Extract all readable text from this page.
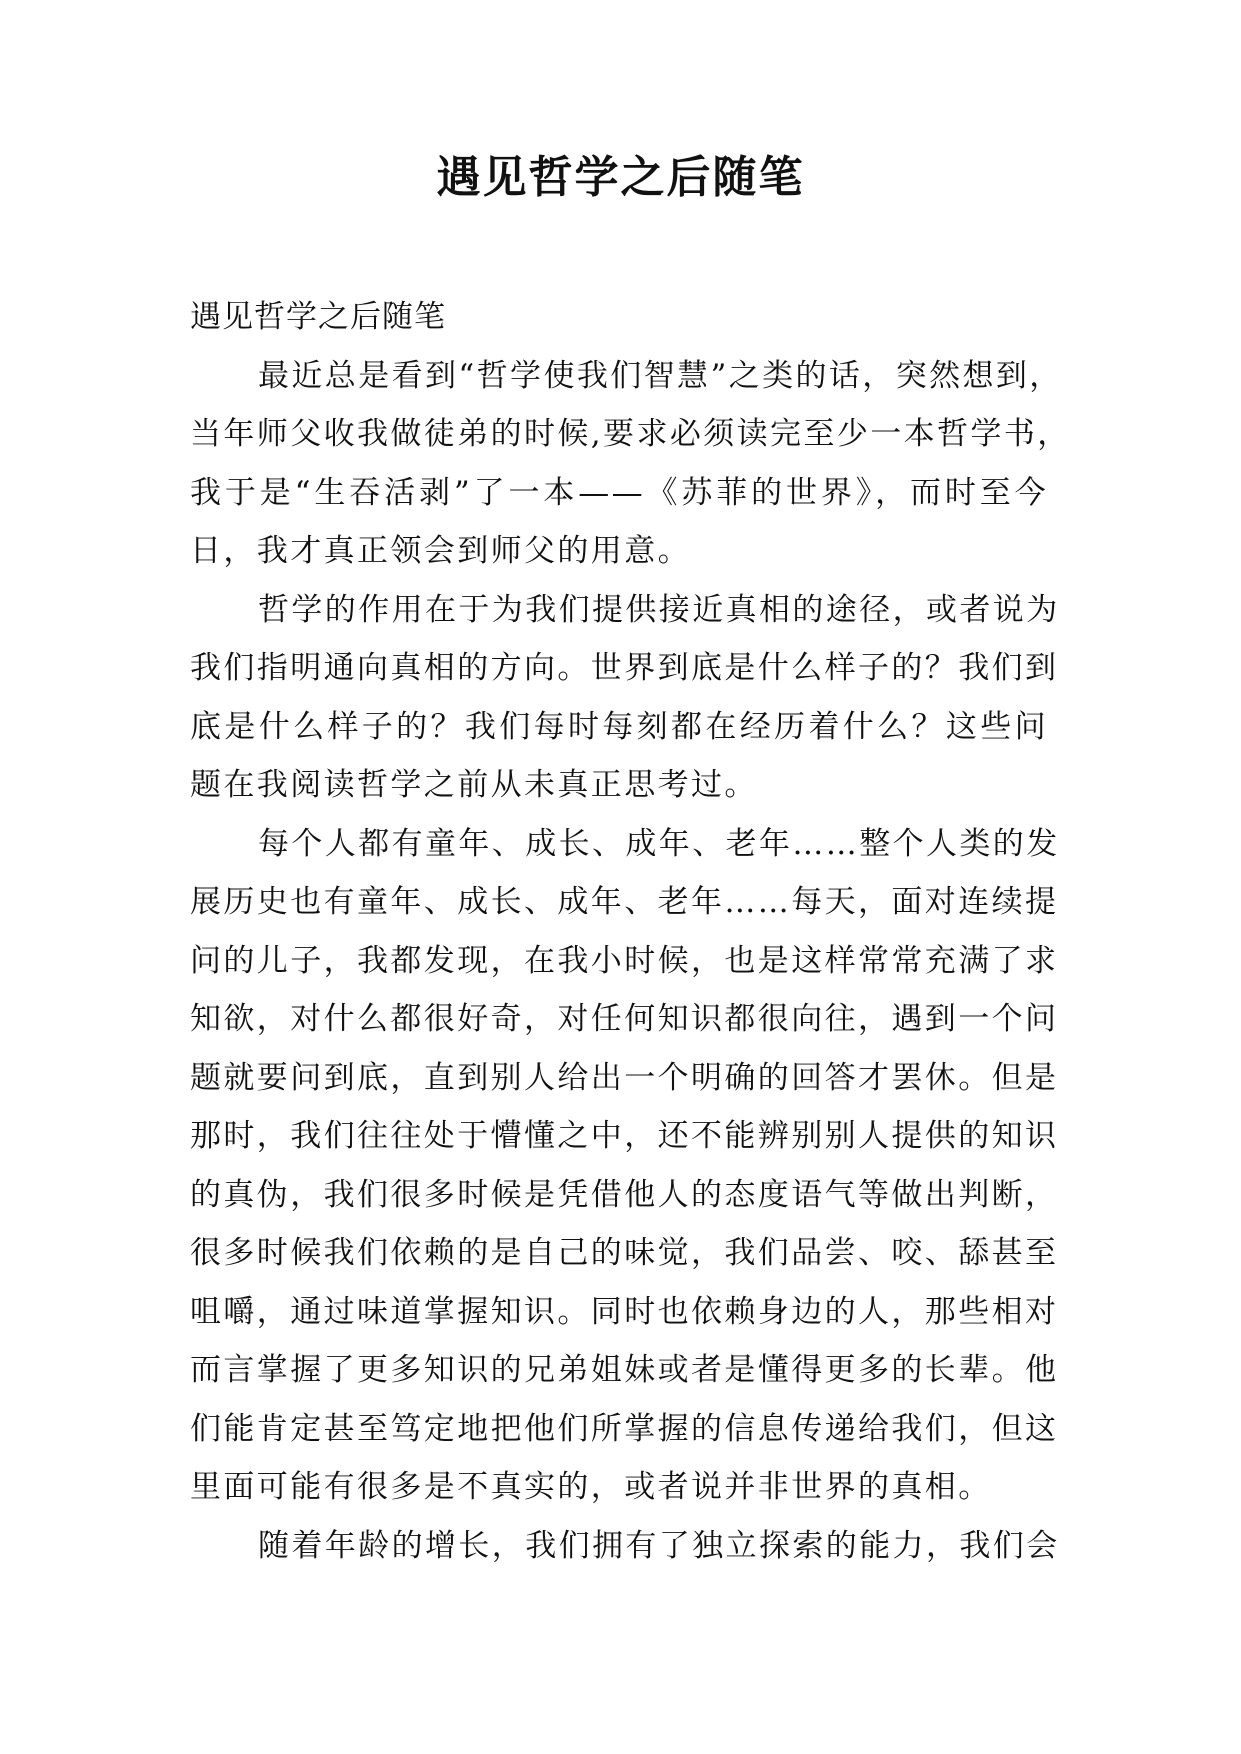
遇见哲学之后随笔

遇见哲学之后随笔

最近总是看到“哲学使我们智慧”之类的话，突然想到，
当年师父收我做徒弟的时候,要求必须读完至少一本哲学书，
我于是“生吞活剥”了一本——《苏菲的世界》，而时至今
日，我才真正领会到师父的用意。

哲学的作用在于为我们提供接近真相的途径，或者说为
我们指明通向真相的方向。世界到底是什么样子的？我们到
底是什么样子的？我们每时每刻都在经历着什么？这些问
题在我阅读哲学之前从未真正思考过。

每个人都有童年、成长、成年、老年……整个人类的发
展历史也有童年、成长、成年、老年……每天，面对连续提
问的儿子，我都发现，在我小时候，也是这样常常充满了求
知欲，对什么都很好奇，对任何知识都很向往，遇到一个问
题就要问到底，直到别人给出一个明确的回答才罢休。但是
那时，我们往往处于懵懂之中，还不能辨别别人提供的知识
的真伪，我们很多时候是凭借他人的态度语气等做出判断，
很多时候我们依赖的是自己的味觉，我们品尝、咬、舔甚至
咀嚼，通过味道掌握知识。同时也依赖身边的人，那些相对
而言掌握了更多知识的兄弟姐妹或者是懂得更多的长辈。他
们能肯定甚至笃定地把他们所掌握的信息传递给我们，但这
里面可能有很多是不真实的，或者说并非世界的真相。

随着年龄的增长，我们拥有了独立探索的能力，我们会
